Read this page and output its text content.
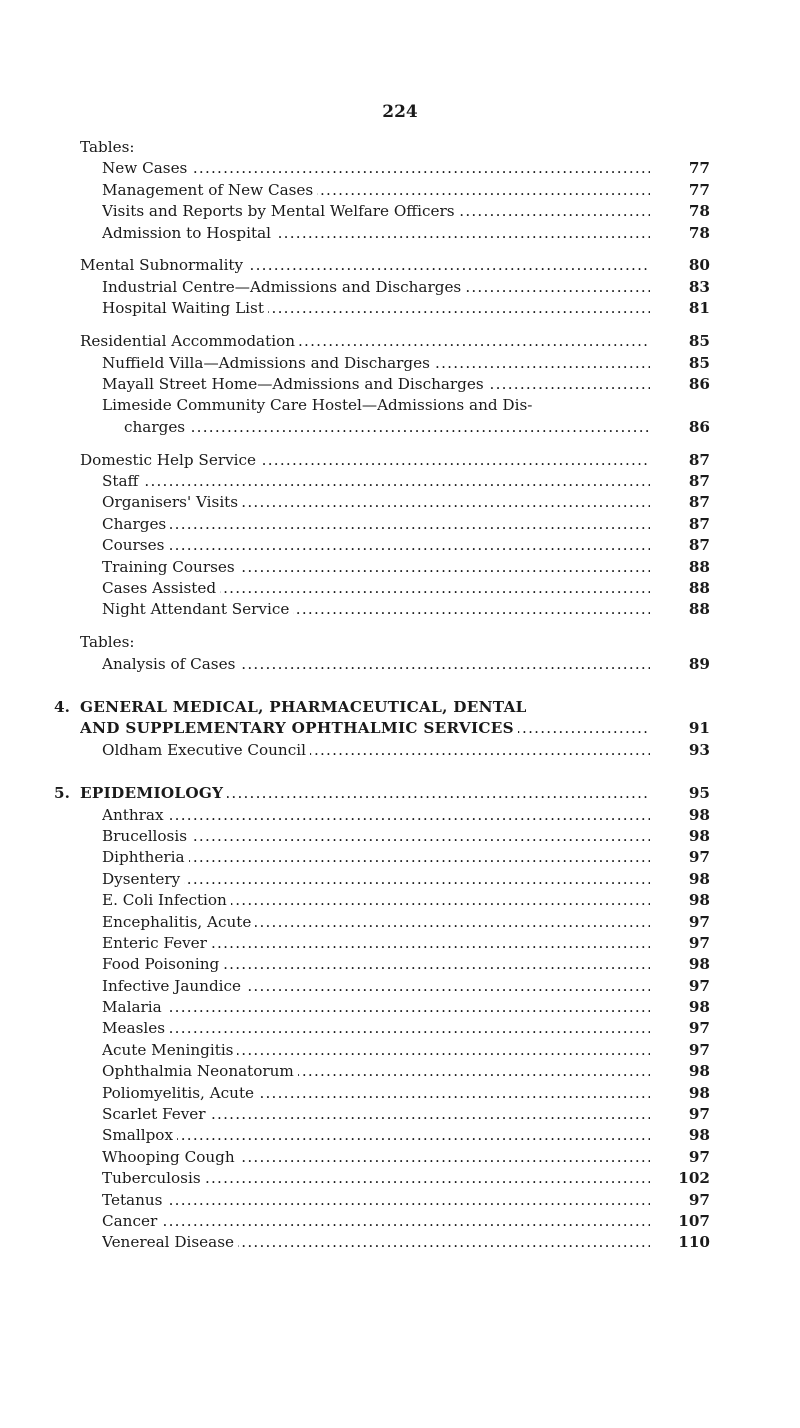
224
Tables:
New Cases . . .	77
Management of New Cases . . .	77
Visits and Reports by Mental Welfare Officers . . .	78
Admission to Hospital . . .	78
Mental Subnormality . . .	80
Industrial Centre—Admissions and Discharges . . .	83
Hospital Waiting List . . .	81
Residential Accommodation . . .	85
Nuffield Villa—Admissions and Discharges . . .	85
Mayall Street Home—Admissions and Discharges . . .	86
Limeside Community Care Hostel—Admissions and Dis-
charges . . .	86
Domestic Help Service . . .	87
Staff . . .	87
Organisers' Visits . . .	87
Charges . . .	87
Courses . . .	87
Training Courses . . .	88
Cases Assisted . . .	88
Night Attendant Service . . .	88
Tables:
Analysis of Cases . . .	89
4. GENERAL MEDICAL, PHARMACEUTICAL, DENTAL
AND SUPPLEMENTARY OPHTHALMIC SERVICES . . .	91
Oldham Executive Council . . .	93
5. EPIDEMIOLOGY . . .	95
Anthrax . . .	98
Brucellosis . . .	98
Diphtheria . . .	97
Dysentery . . .	98
E. Coli Infection . . .	98
Encephalitis, Acute . . .	97
Enteric Fever . . .	97
Food Poisoning . . .	98
Infective Jaundice . . .	97
Malaria . . .	98
Measles . . .	97
Acute Meningitis . . .	97
Ophthalmia Neonatorum . . .	98
Poliomyelitis, Acute . . .	98
Scarlet Fever . . .	97
Smallpox . . .	98
Whooping Cough . . .	97
Tuberculosis . . .	102
Tetanus . . .	97
Cancer . . .	107
Venereal Disease . . .	110
